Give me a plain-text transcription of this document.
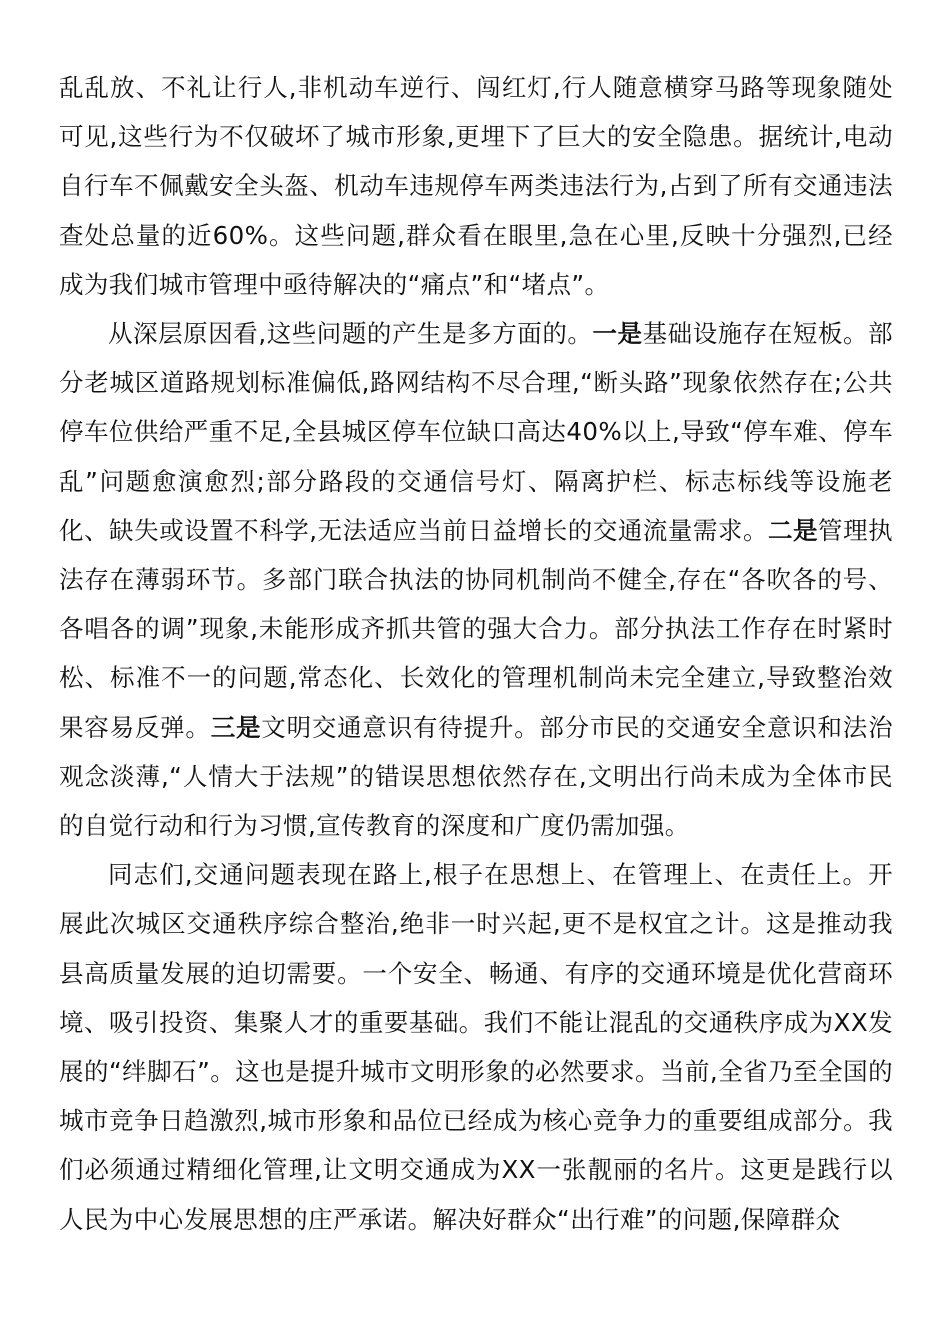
乱乱放、不礼让行人,非机动车逆行、闯红灯,行人随意横穿马路等现象随处可见,这些行为不仅破坏了城市形象,更埋下了巨大的安全隐患。据统计,电动自行车不佩戴安全头盔、机动车违规停车两类违法行为,占到了所有交通违法查处总量的近60%。这些问题,群众看在眼里,急在心里,反映十分强烈,已经成为我们城市管理中亟待解决的“痛点”和“堵点”。

从深层原因看,这些问题的产生是多方面的。一是基础设施存在短板。部分老城区道路规划标准偏低,路网结构不尽合理,“断头路”现象依然存在;公共停车位供给严重不足,全县城区停车位缺口高达40%以上,导致“停车难、停车乱”问题愈演愈烈;部分路段的交通信号灯、隔离护栏、标志标线等设施老化、缺失或设置不科学,无法适应当前日益增长的交通流量需求。二是管理执法存在薄弱环节。多部门联合执法的协同机制尚不健全,存在“各吹各的号、各唱各的调”现象,未能形成齐抓共管的强大合力。部分执法工作存在时紧时松、标准不一的问题,常态化、长效化的管理机制尚未完全建立,导致整治效果容易反弹。三是文明交通意识有待提升。部分市民的交通安全意识和法治观念淡薄,“人情大于法规”的错误思想依然存在,文明出行尚未成为全体市民的自觉行动和行为习惯,宣传教育的深度和广度仍需加强。

同志们,交通问题表现在路上,根子在思想上、在管理上、在责任上。开展此次城区交通秩序综合整治,绝非一时兴起,更不是权宜之计。这是推动我县高质量发展的迫切需要。一个安全、畅通、有序的交通环境是优化营商环境、吸引投资、集聚人才的重要基础。我们不能让混乱的交通秩序成为XX发展的“绊脚石”。这也是提升城市文明形象的必然要求。当前,全省乃至全国的城市竞争日趋激烈,城市形象和品位已经成为核心竞争力的重要组成部分。我们必须通过精细化管理,让文明交通成为XX一张靓丽的名片。这更是践行以人民为中心发展思想的庄严承诺。解决好群众“出行难”的问题,保障群众
